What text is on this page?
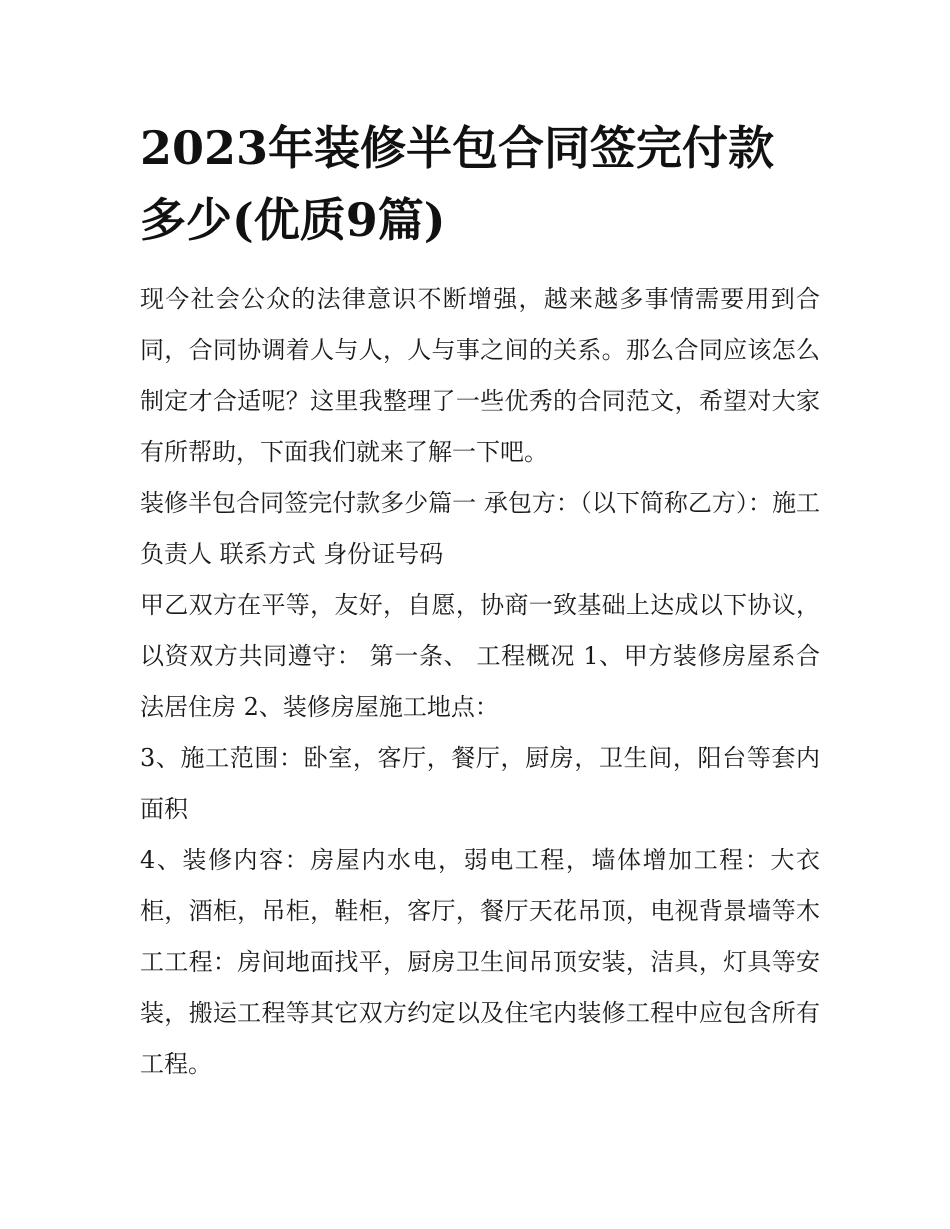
2023年装修半包合同签完付款多少(优质9篇)

现今社会公众的法律意识不断增强，越来越多事情需要用到合同，合同协调着人与人，人与事之间的关系。那么合同应该怎么制定才合适呢？这里我整理了一些优秀的合同范文，希望对大家有所帮助，下面我们就来了解一下吧。

装修半包合同签完付款多少篇一 承包方：（以下简称乙方）：施工负责人 联系方式 身份证号码

甲乙双方在平等，友好，自愿，协商一致基础上达成以下协议，以资双方共同遵守： 第一条、 工程概况 1、甲方装修房屋系合法居住房 2、装修房屋施工地点：

3、施工范围：卧室，客厅，餐厅，厨房，卫生间，阳台等套内面积

4、装修内容：房屋内水电，弱电工程，墙体增加工程：大衣柜，酒柜，吊柜，鞋柜，客厅，餐厅天花吊顶，电视背景墙等木工工程：房间地面找平，厨房卫生间吊顶安装，洁具，灯具等安装，搬运工程等其它双方约定以及住宅内装修工程中应包含所有工程。
